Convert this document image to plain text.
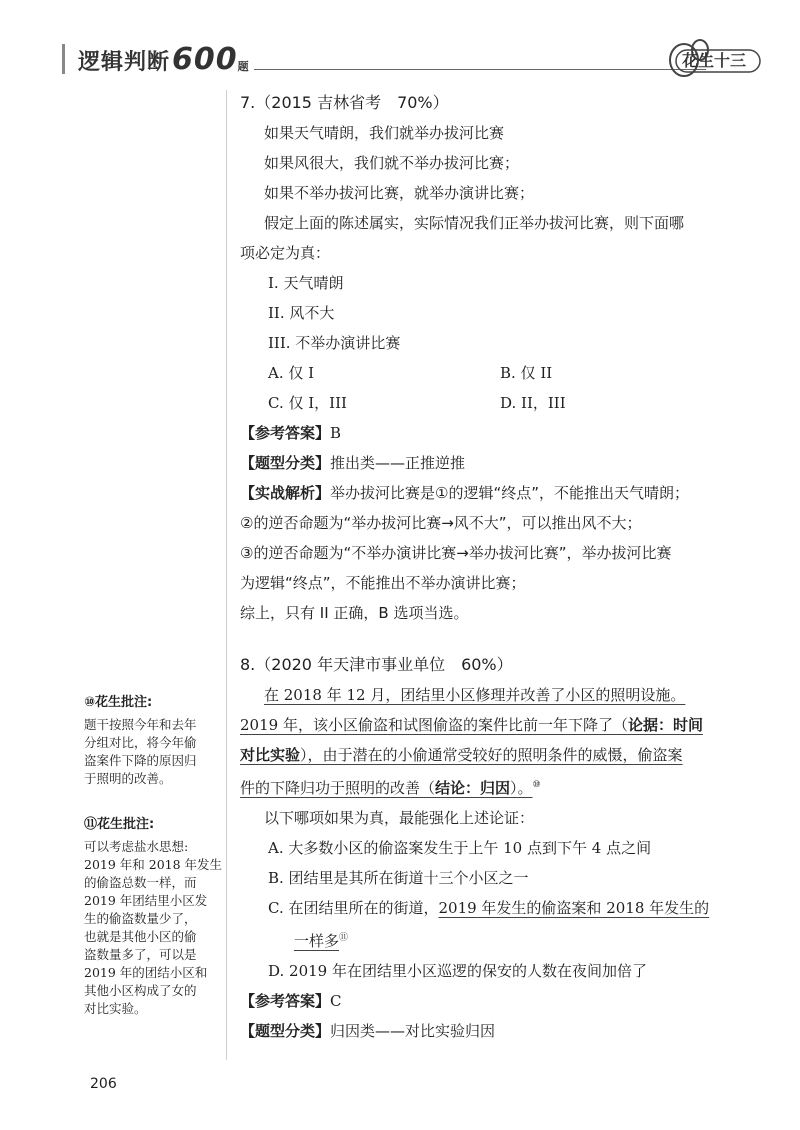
逻辑判断600题	花生十三
7.（2015 吉林省考　70%）
如果天气晴朗，我们就举办拔河比赛
如果风很大，我们就不举办拔河比赛；
如果不举办拔河比赛，就举办演讲比赛；
假定上面的陈述属实，实际情况我们正举办拔河比赛，则下面哪
项必定为真：
I. 天气晴朗
II. 风不大
III. 不举办演讲比赛
A. 仅 I	B. 仅 II
C. 仅 I，III	D. II，III
【参考答案】B
【题型分类】推出类——正推逆推
【实战解析】举办拔河比赛是①的逻辑“终点”，不能推出天气晴朗；
②的逆否命题为“举办拔河比赛→风不大”，可以推出风不大；
③的逆否命题为“不举办演讲比赛→举办拔河比赛”，举办拔河比赛
为逻辑“终点”，不能推出不举办演讲比赛；
综上，只有 II 正确，B 选项当选。
8.（2020 年天津市事业单位　60%）
在 2018 年 12 月，团结里小区修理并改善了小区的照明设施。
2019 年，该小区偷盗和试图偷盗的案件比前一年下降了（论据：时间
对比实验），由于潜在的小偷通常受较好的照明条件的威慑，偷盗案
件的下降归功于照明的改善（结论：归因）。⑩
以下哪项如果为真，最能强化上述论证：
A. 大多数小区的偷盗案发生于上午 10 点到下午 4 点之间
B. 团结里是其所在街道十三个小区之一
C. 在团结里所在的街道，2019 年发生的偷盗案和 2018 年发生的
一样多⑪
D. 2019 年在团结里小区巡逻的保安的人数在夜间加倍了
【参考答案】C
【题型分类】归因类——对比实验归因
⑩花生批注:
题干按照今年和去年
分组对比，将今年偷
盗案件下降的原因归
于照明的改善。
⑪花生批注:
可以考虑盐水思想:
2019 年和 2018 年发生
的偷盗总数一样，而
2019 年团结里小区发
生的偷盗数量少了，
也就是其他小区的偷
盗数量多了，可以是
2019 年的团结小区和
其他小区构成了女的
对比实验。
206
